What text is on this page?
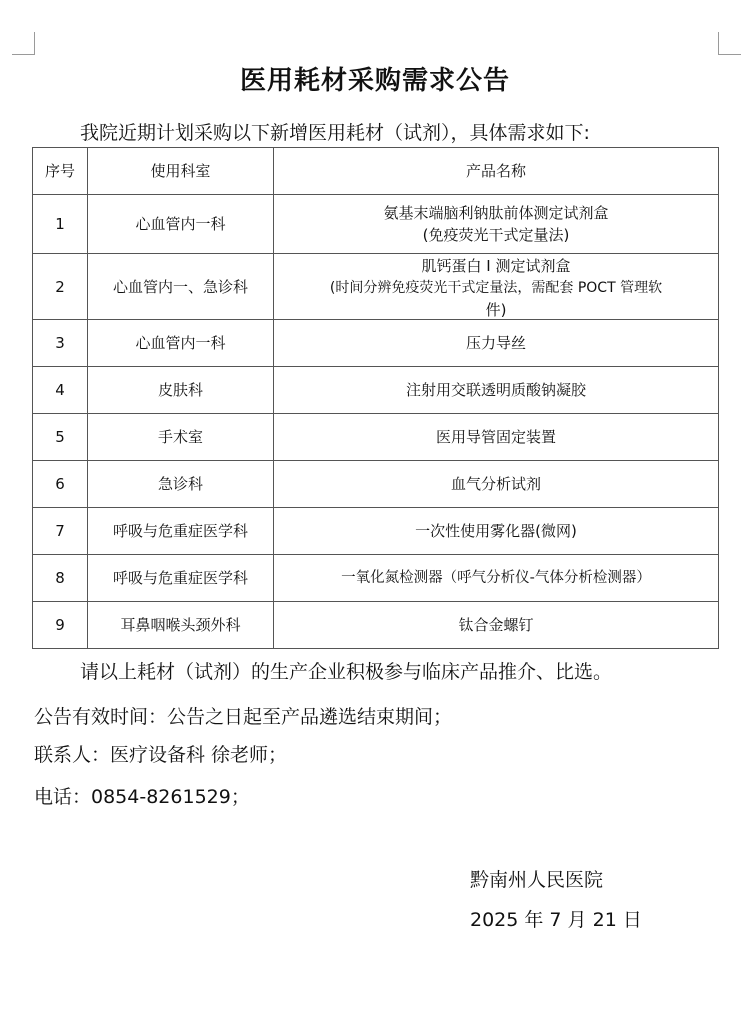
医用耗材采购需求公告
我院近期计划采购以下新增医用耗材（试剂），具体需求如下:
序号	使用科室	产品名称
1	心血管内一科	氨基末端脑利钠肽前体测定试剂盒
(免疫荧光干式定量法)

2	心血管内一、急诊科	肌钙蛋白 I 测定试剂盒
(时间分辨免疫荧光干式定量法，需配套 POCT 管理软
件)

3	心血管内一科	压力导丝
4	皮肤科	注射用交联透明质酸钠凝胶
5	手术室	医用导管固定装置
6	急诊科	血气分析试剂
7	呼吸与危重症医学科	一次性使用雾化器(微网)
8	呼吸与危重症医学科	一氧化氮检测器（呼气分析仪-气体分析检测器）
9	耳鼻咽喉头颈外科	钛合金螺钉
请以上耗材（试剂）的生产企业积极参与临床产品推介、比选。
公告有效时间：公告之日起至产品遴选结束期间；
联系人：医疗设备科 徐老师；
电话：0854-8261529；
黔南州人民医院
2025 年 7 月 21 日
